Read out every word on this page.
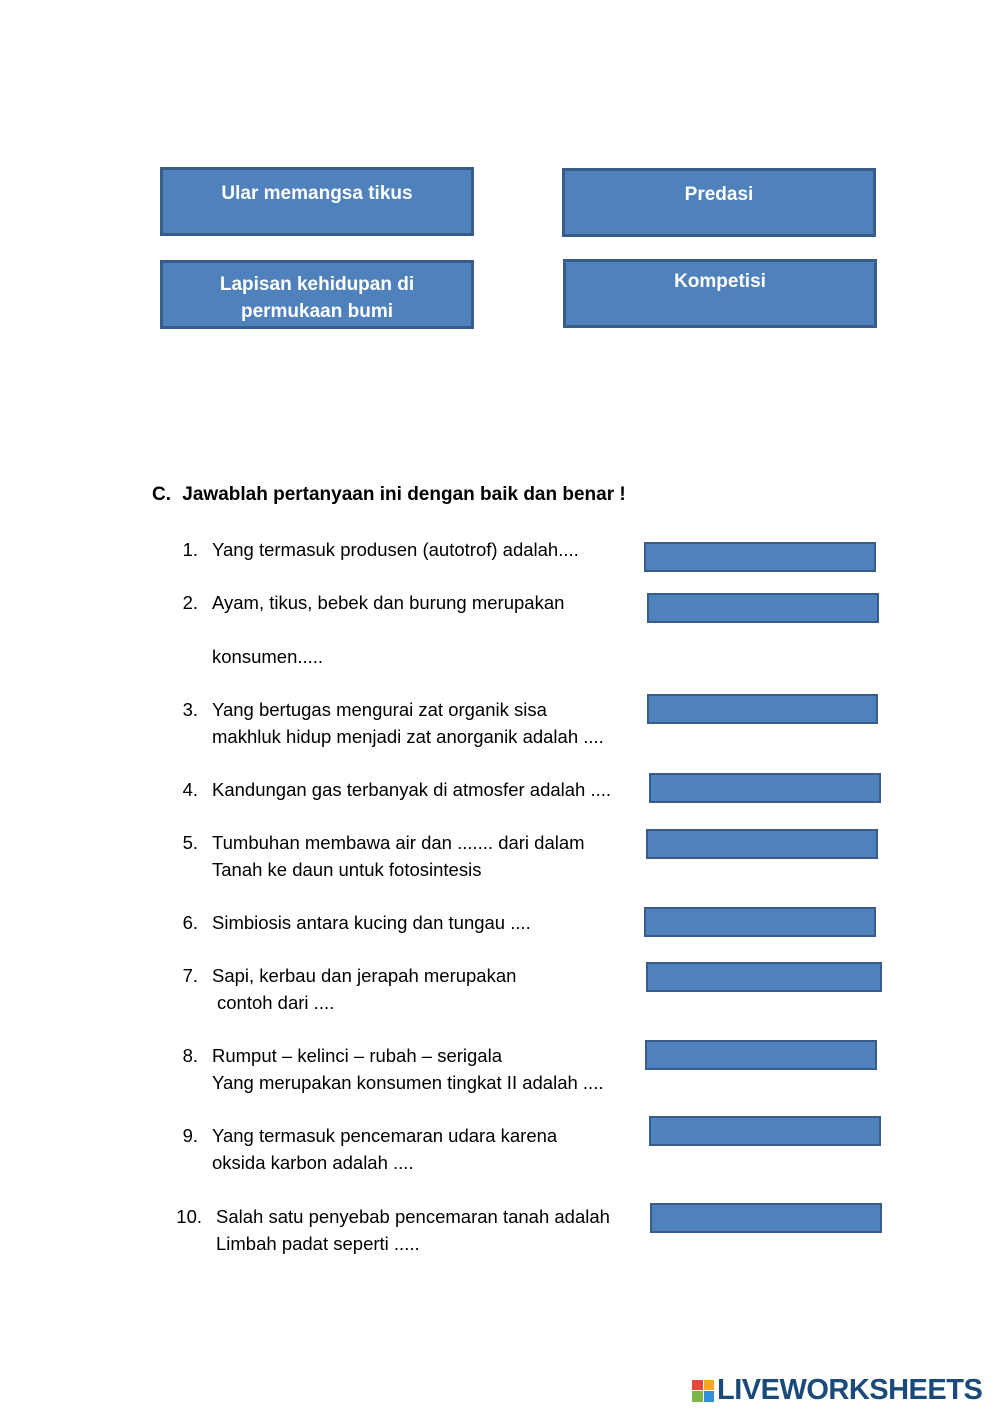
Ular memangsa tikus	Predasi
Lapisan kehidupan di permukaan bumi
Kompetisi
C. Jawablah pertanyaan ini dengan baik dan benar !
1. Yang termasuk produsen (autotrof) adalah....
2. Ayam, tikus, bebek dan burung merupakan
konsumen.....
3. Yang bertugas mengurai zat organik sisa
makhluk hidup menjadi zat anorganik adalah ....
4. Kandungan gas terbanyak di atmosfer adalah ....
5. Tumbuhan membawa air dan ....... dari dalam
Tanah ke daun untuk fotosintesis
6. Simbiosis antara kucing dan tungau ....
7. Sapi, kerbau dan jerapah merupakan
contoh dari ....
8. Rumput – kelinci – rubah – serigala
Yang merupakan konsumen tingkat II adalah ....
9. Yang termasuk pencemaran udara karena
oksida karbon adalah ....
10. Salah satu penyebab pencemaran tanah adalah
Limbah padat seperti .....
LIVEWORKSHEETS
